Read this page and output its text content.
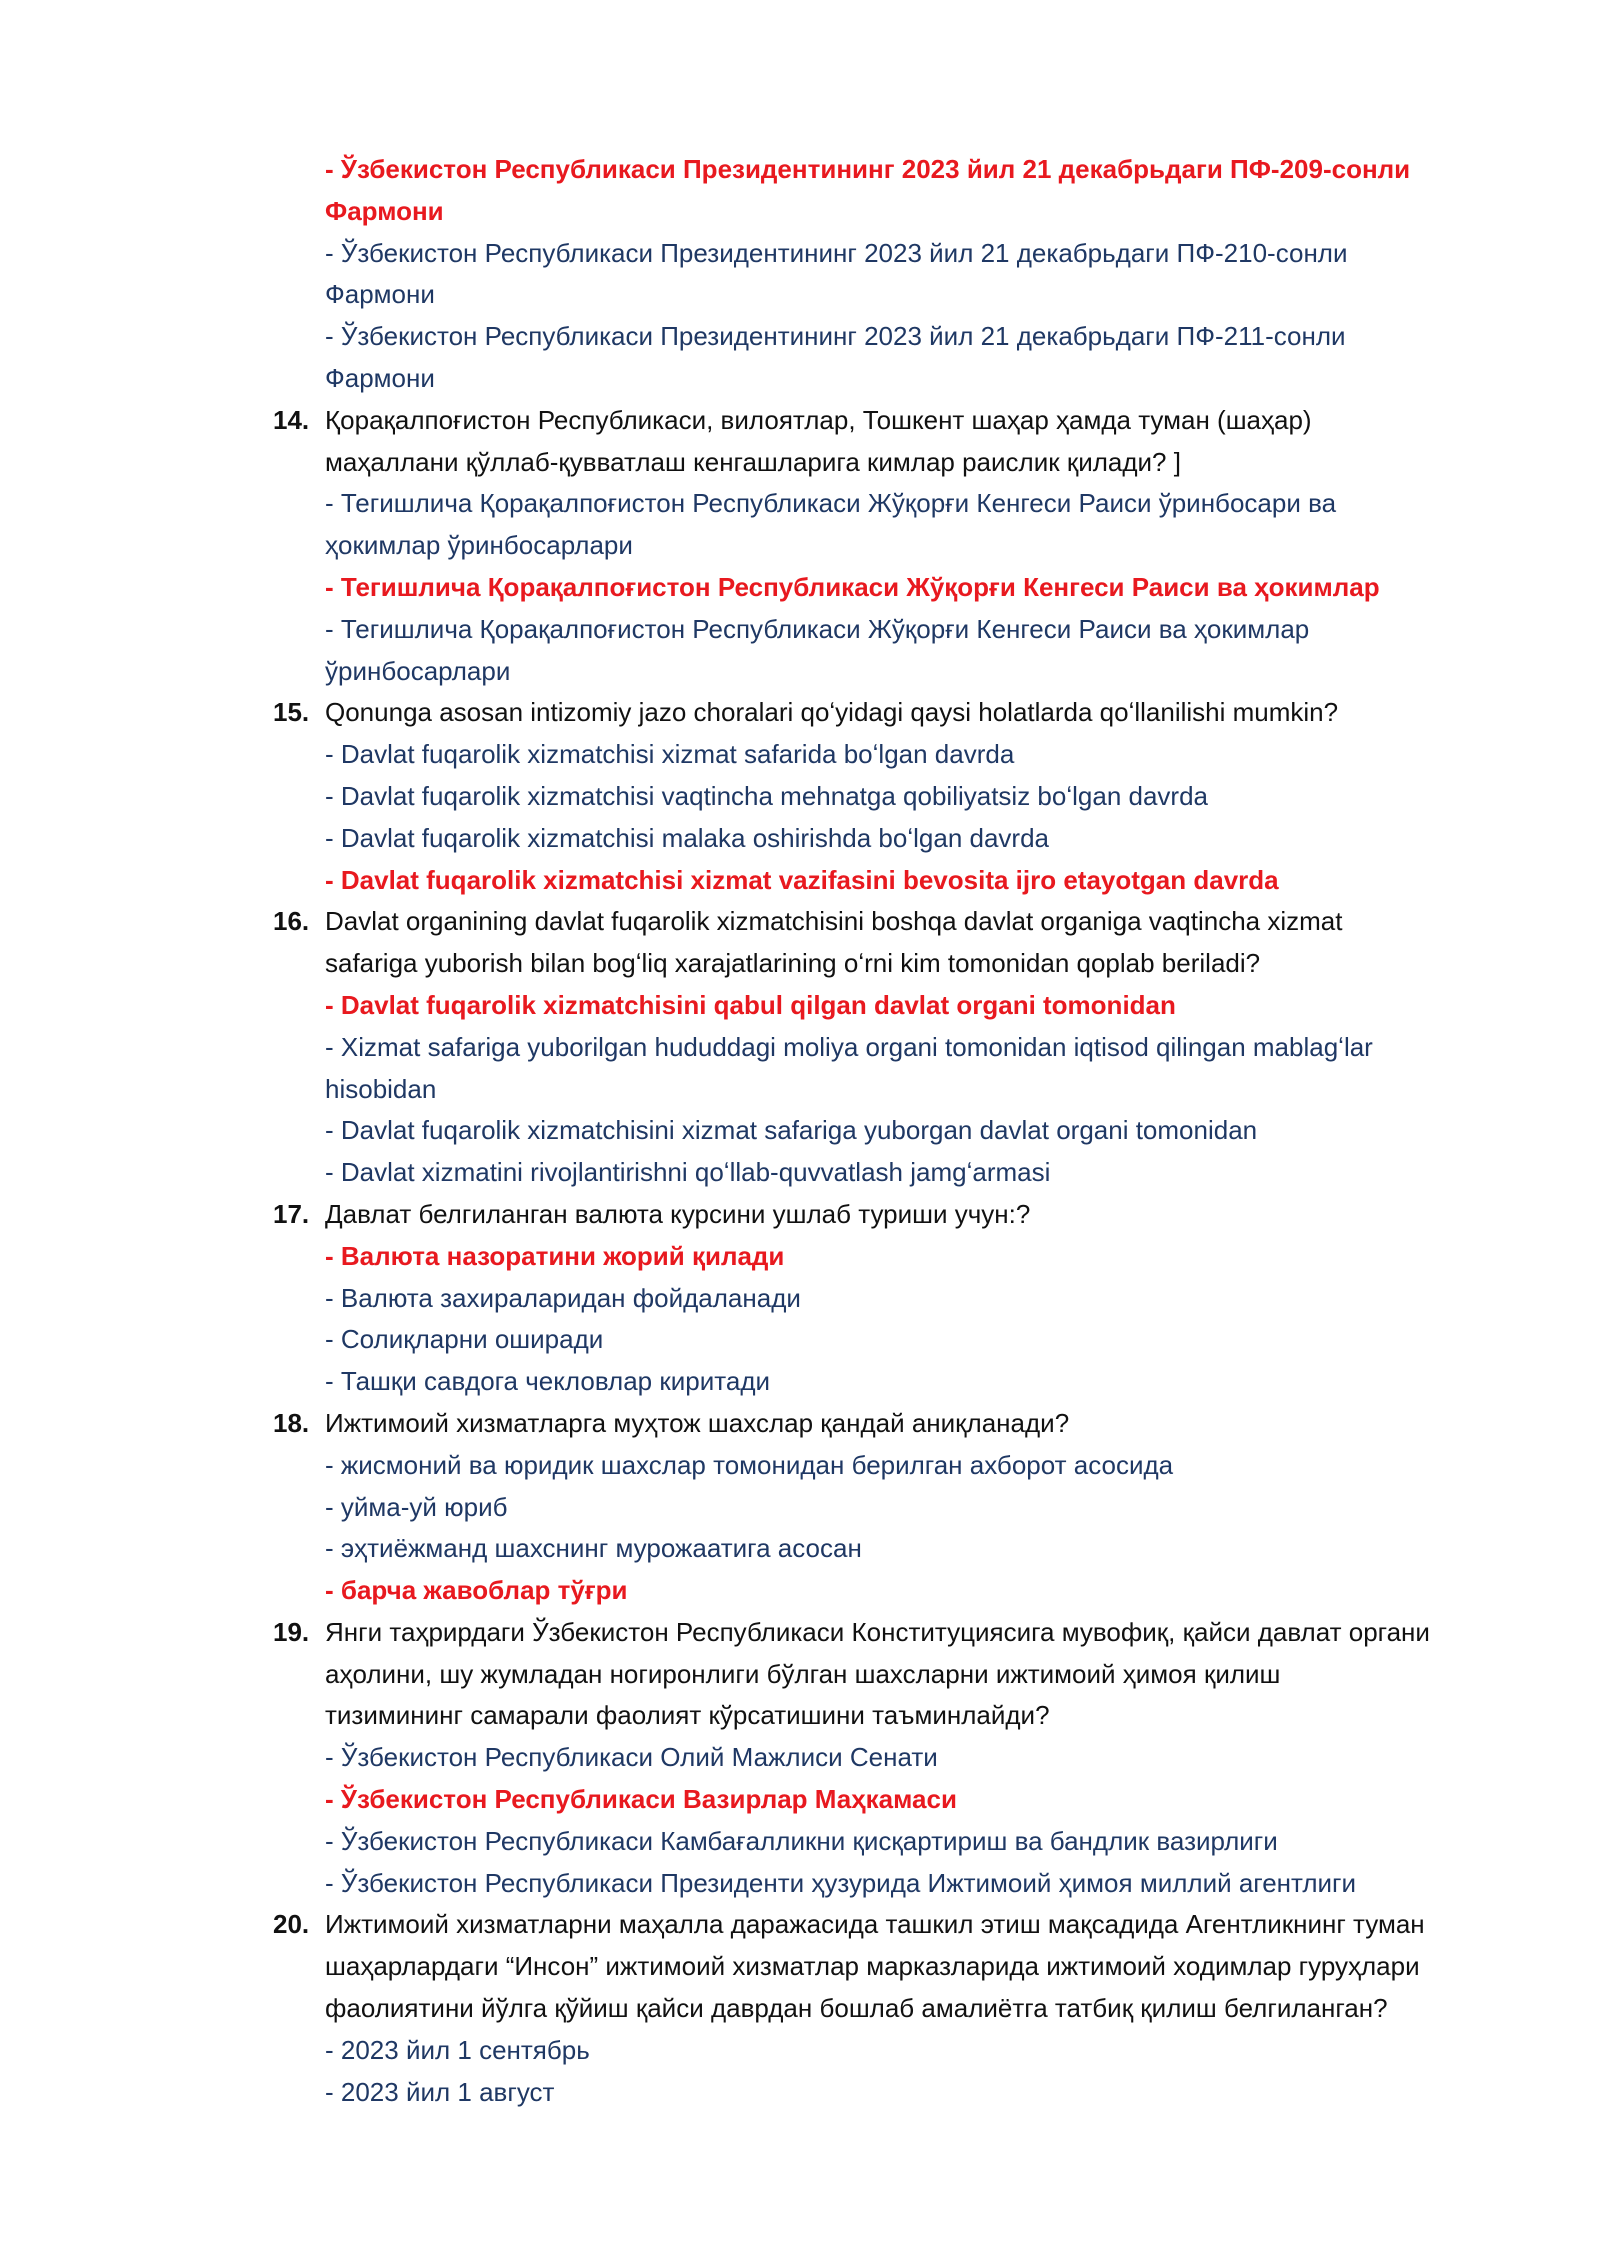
- Ўзбекистон Республикаси Президентининг 2023 йил 21 декабрьдаги ПФ-209-сонли
Фармони
- Ўзбекистон Республикаси Президентининг 2023 йил 21 декабрьдаги ПФ-210-сонли
Фармони
- Ўзбекистон Республикаси Президентининг 2023 йил 21 декабрьдаги ПФ-211-сонли
Фармони
14. Қорақалпоғистон Республикаси, вилоятлар, Тошкент шаҳар ҳамда туман (шаҳар)
маҳаллани қўллаб-қувватлаш кенгашларига кимлар раислик қилади? ]
- Тегишлича Қорақалпоғистон Республикаси Жўқорғи Кенгеси Раиси ўринбосари ва
ҳокимлар ўринбосарлари
- Тегишлича Қорақалпоғистон Республикаси Жўқорғи Кенгеси Раиси ва ҳокимлар
- Тегишлича Қорақалпоғистон Республикаси Жўқорғи Кенгеси Раиси ва ҳокимлар
ўринбосарлари
15. Qonunga asosan intizomiy jazo choralari qoʻyidagi qaysi holatlarda qoʻllanilishi mumkin?
- Davlat fuqarolik xizmatchisi xizmat safarida boʻlgan davrda
- Davlat fuqarolik xizmatchisi vaqtincha mehnatga qobiliyatsiz boʻlgan davrda
- Davlat fuqarolik xizmatchisi malaka oshirishda boʻlgan davrda
- Davlat fuqarolik xizmatchisi xizmat vazifasini bevosita ijro etayotgan davrda
16. Davlat organining davlat fuqarolik xizmatchisini boshqa davlat organiga vaqtincha xizmat
safariga yuborish bilan bogʻliq xarajatlarining oʻrni kim tomonidan qoplab beriladi?
- Davlat fuqarolik xizmatchisini qabul qilgan davlat organi tomonidan
- Xizmat safariga yuborilgan hududdagi moliya organi tomonidan iqtisod qilingan mablagʻlar
hisobidan
- Davlat fuqarolik xizmatchisini xizmat safariga yuborgan davlat organi tomonidan
- Davlat xizmatini rivojlantirishni qoʻllab-quvvatlash jamgʻarmasi
17. Давлат белгиланган валюта курсини ушлаб туриши учун:?
- Валюта назоратини жорий қилади
- Валюта захираларидан фойдаланади
- Солиқларни оширади
- Ташқи савдога чекловлар киритади
18. Ижтимоий хизматларга муҳтож шахслар қандай аниқланади?
- жисмоний ва юридик шахслар томонидан берилган ахборот асосида
- уйма-уй юриб
- эҳтиёжманд шахснинг мурожаатига асосан
- барча жавоблар тўғри
19. Янги таҳрирдаги Ўзбекистон Республикаси Конституциясига мувофиқ, қайси давлат органи
аҳолини, шу жумладан ногиронлиги бўлган шахсларни ижтимоий ҳимоя қилиш
тизимининг самарали фаолият кўрсатишини таъминлайди?
- Ўзбекистон Республикаси Олий Мажлиси Сенати
- Ўзбекистон Республикаси Вазирлар Маҳкамаси
- Ўзбекистон Республикаси Камбағалликни қисқартириш ва бандлик вазирлиги
- Ўзбекистон Республикаси Президенти ҳузурида Ижтимоий ҳимоя миллий агентлиги
20. Ижтимоий хизматларни маҳалла даражасида ташкил этиш мақсадида Агентликнинг туман
шаҳарлардаги “Инсон” ижтимоий хизматлар марказларида ижтимоий ходимлар гуруҳлари
фаолиятини йўлга қўйиш қайси даврдан бошлаб амалиётга татбиқ қилиш белгиланган?
- 2023 йил 1 сентябрь
- 2023 йил 1 август
